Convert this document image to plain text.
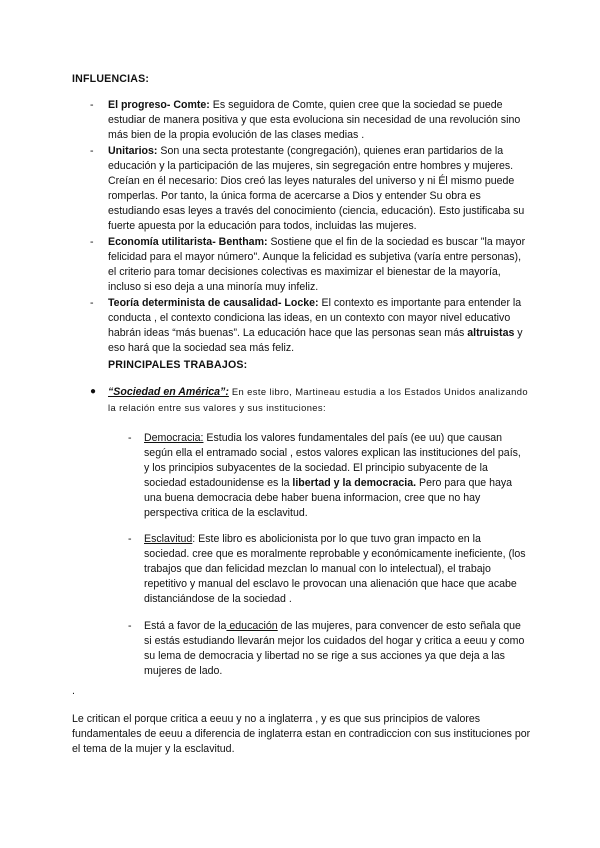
INFLUENCIAS:
- El progreso- Comte: Es seguidora de Comte, quien cree que la sociedad se puede estudiar de manera positiva y que esta evoluciona sin necesidad de una revolución sino más bien de la propia evolución de las clases medias .
- Unitarios: Son una secta protestante (congregación), quienes eran partidarios de la educación y la participación de las mujeres, sin segregación entre hombres y mujeres. Creían en él necesario: Dios creó las leyes naturales del universo y ni Él mismo puede romperlas. Por tanto, la única forma de acercarse a Dios y entender Su obra es estudiando esas leyes a través del conocimiento (ciencia, educación). Esto justificaba su fuerte apuesta por la educación para todos, incluidas las mujeres.
- Economía utilitarista- Bentham: Sostiene que el fin de la sociedad es buscar "la mayor felicidad para el mayor número". Aunque la felicidad es subjetiva (varía entre personas), el criterio para tomar decisiones colectivas es maximizar el bienestar de la mayoría, incluso si eso deja a una minoría muy infeliz.
- Teoría determinista de causalidad- Locke: El contexto es importante para entender la conducta , el contexto condiciona las ideas, en un contexto con mayor nivel educativo habrán ideas “más buenas”. La educación hace que las personas sean más altruistas y eso hará que la sociedad sea más feliz.
PRINCIPALES TRABAJOS:
●	“Sociedad en América”: En este libro, Martineau estudia a los Estados Unidos analizando la relación entre sus valores y sus instituciones:
- Democracia: Estudia los valores fundamentales del país (ee uu) que causan según ella el entramado social , estos valores explican las instituciones del país, y los principios subyacentes de la sociedad. El principio subyacente de la sociedad estadounidense es la libertad y la democracia. Pero para que haya una buena democracia debe haber buena informacion, cree que no hay perspectiva critica de la esclavitud.
- Esclavitud: Este libro es abolicionista por lo que tuvo gran impacto en la sociedad. cree que es moralmente reprobable y económicamente ineficiente, (los trabajos que dan felicidad mezclan lo manual con lo intelectual), el trabajo repetitivo y manual del esclavo le provocan una alienación que hace que acabe distanciándose de la sociedad .
- Está a favor de la educación de las mujeres, para convencer de esto señala que si estás estudiando llevarán mejor los cuidados del hogar y critica a eeuu y como su lema de democracia y libertad no se rige a sus acciones ya que deja a las mujeres de lado.
.
Le critican el porque critica a eeuu y no a inglaterra , y es que sus principios de valores fundamentales de eeuu a diferencia de inglaterra estan en contradiccion con sus instituciones por el tema de la mujer y la esclavitud.
